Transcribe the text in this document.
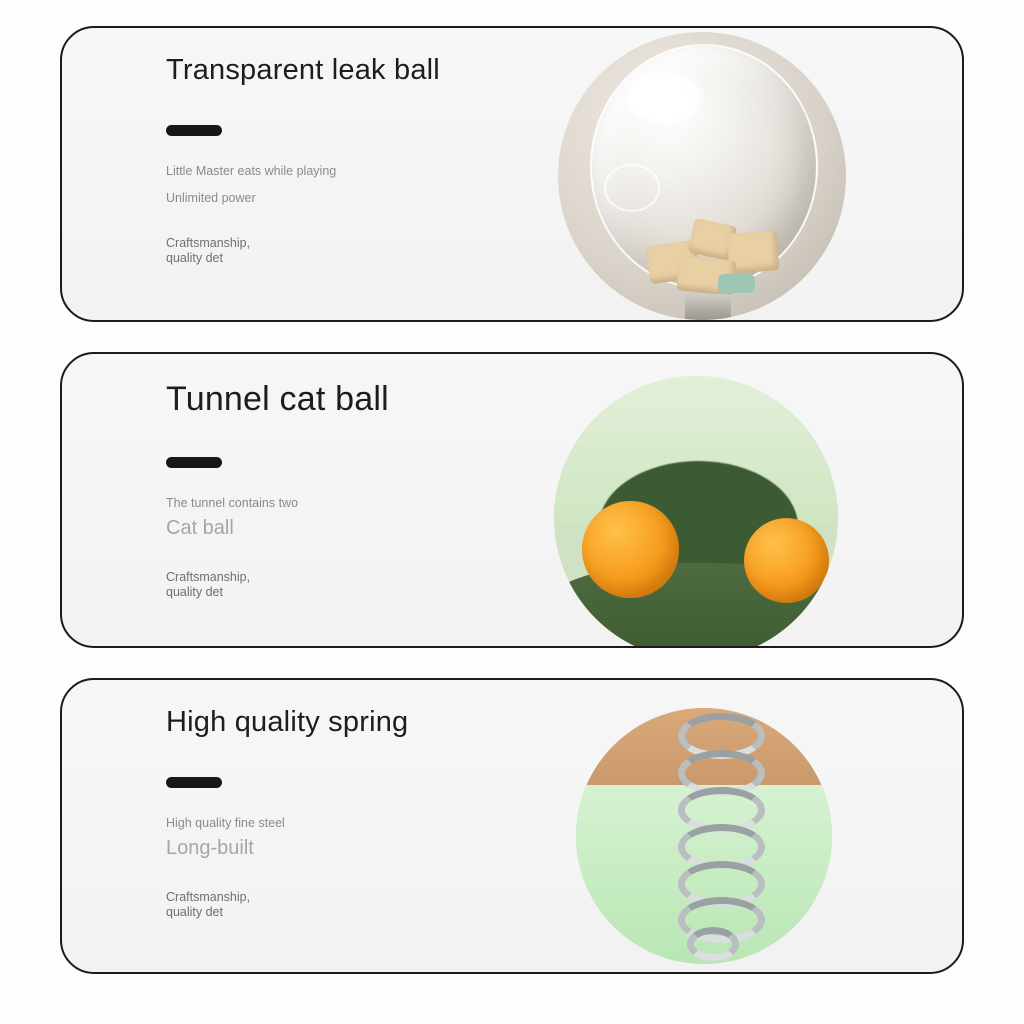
Transparent leak ball
Little Master eats while playing
Unlimited power
Craftsmanship,
quality det
Tunnel cat ball
The tunnel contains two
Cat ball
Craftsmanship,
quality det
High quality spring
High quality fine steel
Long-built
Craftsmanship,
quality det
